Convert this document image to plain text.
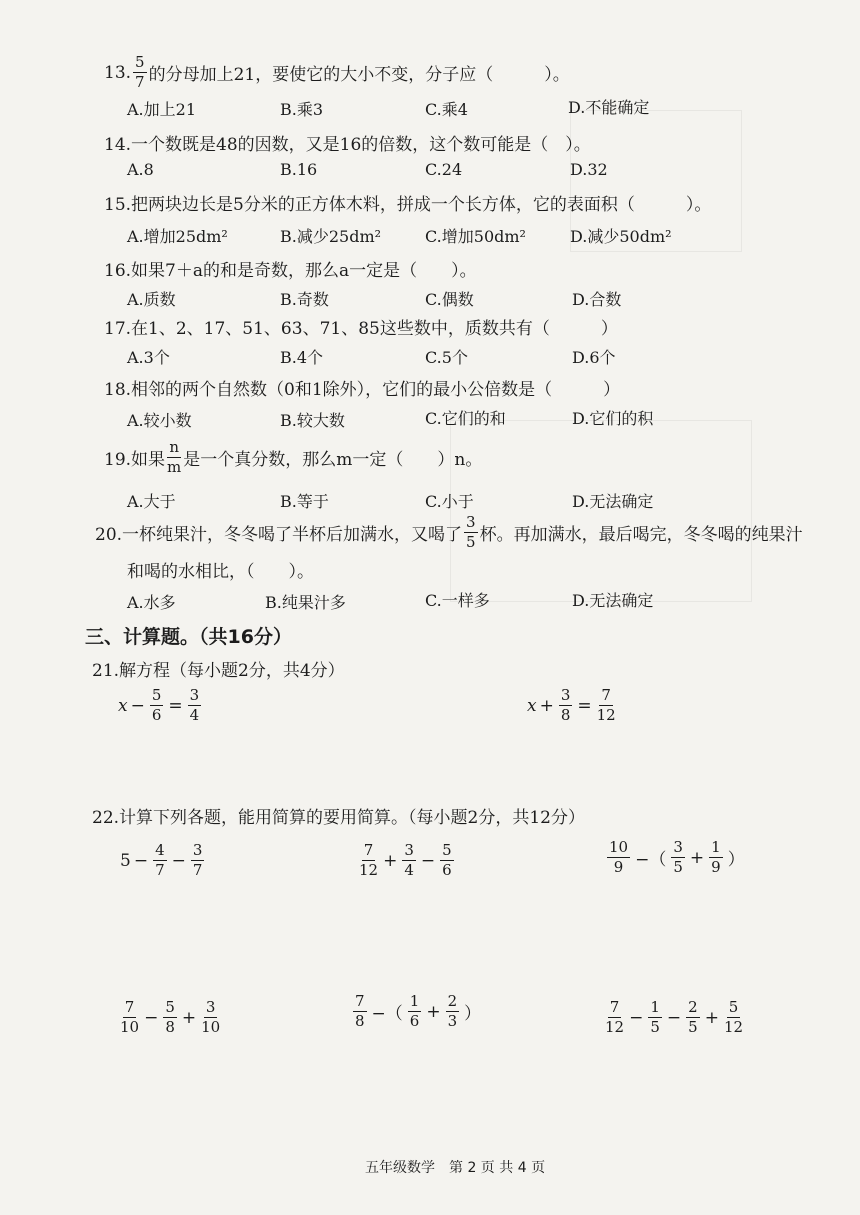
13. $\frac{5}{7}$ 的分母加上21，要使它的大小不变，分子应（　　　）。
A.加上21	B.乘3	C.乘4	D.不能确定
14.一个数既是48的因数，又是16的倍数，这个数可能是（　）。
A.8	B.16	C.24	D.32
15.把两块边长是5分米的正方体木料，拼成一个长方体，它的表面积（　　　）。
A.增加25dm²	B.减少25dm²	C.增加50dm²	D.减少50dm²
16.如果7＋a的和是奇数，那么a一定是（　　）。
A.质数	B.奇数	C.偶数	D.合数
17.在1、2、17、51、63、71、85这些数中，质数共有（　　　）
A.3个	B.4个	C.5个	D.6个
18.相邻的两个自然数（0和1除外），它们的最小公倍数是（　　　）
A.较小数	B.较大数	C.它们的和	D.它们的积
19.如果 $\frac{n}{m}$ 是一个真分数，那么m一定（　　）n。
A.大于	B.等于	C.小于	D.无法确定
20.一杯纯果汁，冬冬喝了半杯后加满水，又喝了 $\frac{3}{5}$ 杯。再加满水，最后喝完，冬冬喝的纯果汁
和喝的水相比，（　　）。
A.水多	B.纯果汁多	C.一样多	D.无法确定
三、计算题。（共16分）
21.解方程（每小题2分，共4分）
$x - \frac{5}{6} = \frac{3}{4}$	$x + \frac{3}{8} = \frac{7}{12}$
22.计算下列各题，能用简算的要用简算。（每小题2分，共12分）
$5 - \frac{4}{7} - \frac{3}{7}$	$\frac{7}{12} + \frac{3}{4} - \frac{5}{6}$	$\frac{10}{9}$ −（ $\frac{3}{5} + \frac{1}{9}$ ）
$\frac{7}{10} - \frac{5}{8} + \frac{3}{10}$	$\frac{7}{8}$ −（ $\frac{1}{6} + \frac{2}{3}$ ）	$\frac{7}{12} - \frac{1}{5} - \frac{2}{5} + \frac{5}{12}$
五年级数学　第 2 页 共 4 页
